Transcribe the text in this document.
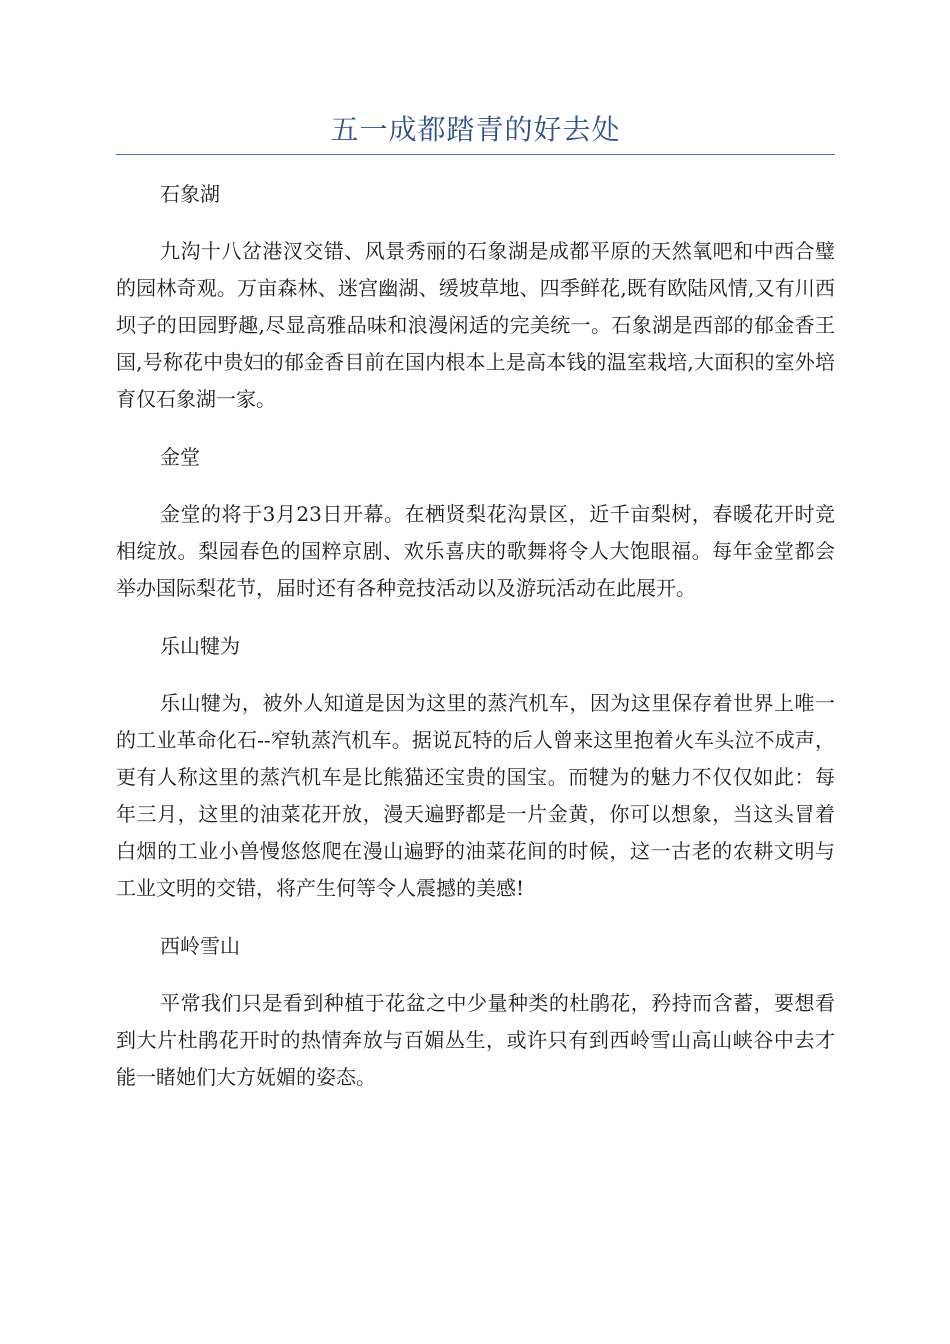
五一成都踏青的好去处
石象湖

九沟十八岔港汊交错、风景秀丽的石象湖是成都平原的天然氧吧和中西合璧的园林奇观。万亩森林、迷宫幽湖、缓坡草地、四季鲜花,既有欧陆风情,又有川西坝子的田园野趣,尽显高雅品味和浪漫闲适的完美统一。石象湖是西部的郁金香王国,号称花中贵妇的郁金香目前在国内根本上是高本钱的温室栽培,大面积的室外培育仅石象湖一家。

金堂

金堂的将于3月23日开幕。在栖贤梨花沟景区，近千亩梨树，春暖花开时竞相绽放。梨园春色的国粹京剧、欢乐喜庆的歌舞将令人大饱眼福。每年金堂都会举办国际梨花节，届时还有各种竞技活动以及游玩活动在此展开。

乐山犍为

乐山犍为，被外人知道是因为这里的蒸汽机车，因为这里保存着世界上唯一的工业革命化石--窄轨蒸汽机车。据说瓦特的后人曾来这里抱着火车头泣不成声，更有人称这里的蒸汽机车是比熊猫还宝贵的国宝。而犍为的魅力不仅仅如此：每年三月，这里的油菜花开放，漫天遍野都是一片金黄，你可以想象，当这头冒着白烟的工业小兽慢悠悠爬在漫山遍野的油菜花间的时候，这一古老的农耕文明与工业文明的交错，将产生何等令人震撼的美感!

西岭雪山

平常我们只是看到种植于花盆之中少量种类的杜鹃花，矜持而含蓄，要想看到大片杜鹃花开时的热情奔放与百媚丛生，或许只有到西岭雪山高山峡谷中去才能一睹她们大方妩媚的姿态。
